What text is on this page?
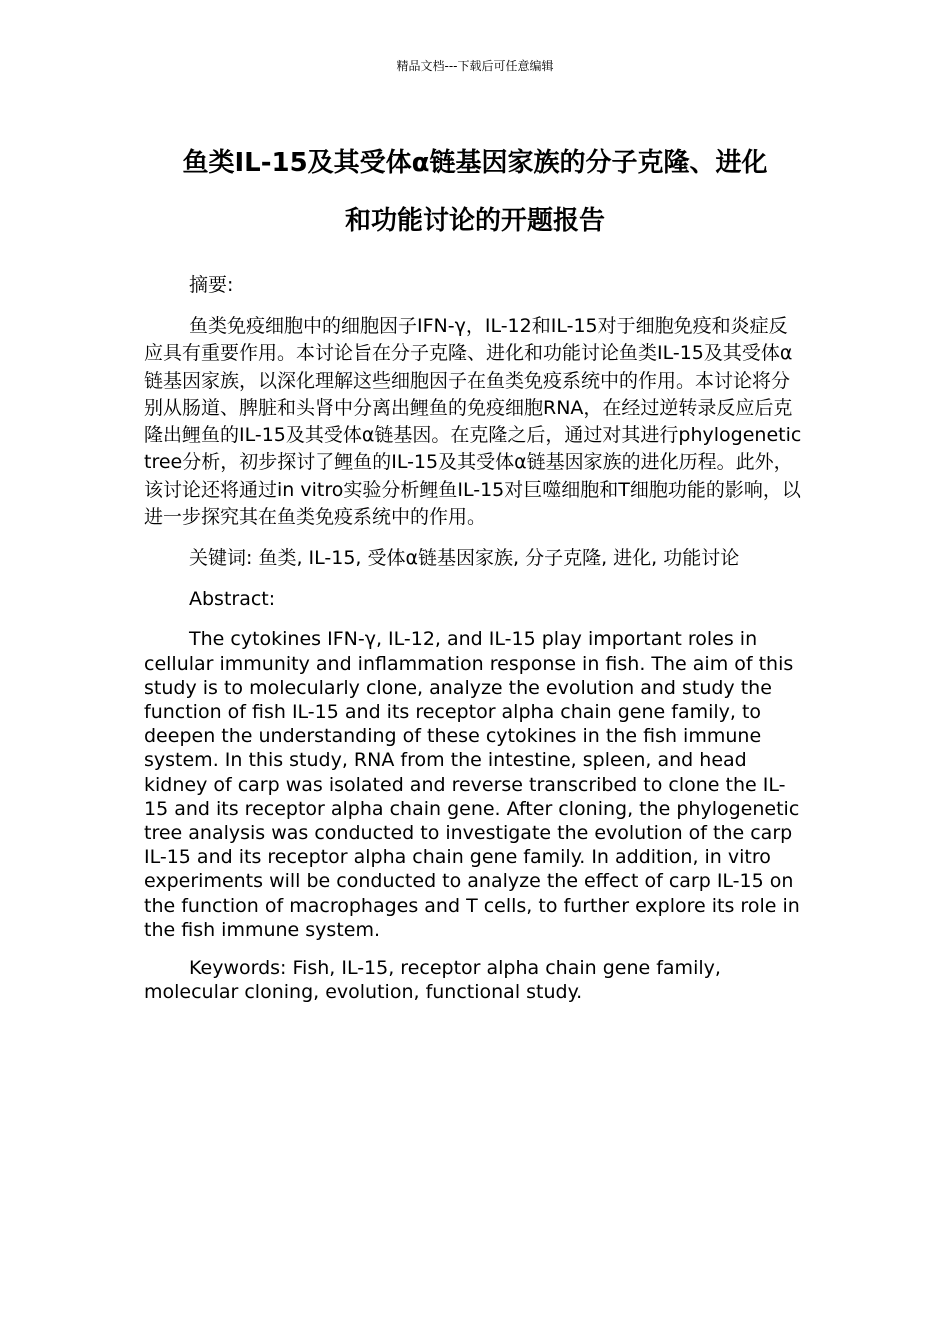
精品文档---下载后可任意编辑
鱼类IL-15及其受体α链基因家族的分子克隆、进化
和功能讨论的开题报告

摘要:

鱼类免疫细胞中的细胞因子IFN-γ，IL-12和IL-15对于细胞免疫和炎症反应具有重要作用。本讨论旨在分子克隆、进化和功能讨论鱼类IL-15及其受体α链基因家族，以深化理解这些细胞因子在鱼类免疫系统中的作用。本讨论将分别从肠道、脾脏和头肾中分离出鲤鱼的免疫细胞RNA，在经过逆转录反应后克隆出鲤鱼的IL-15及其受体α链基因。在克隆之后，通过对其进行phylogenetic tree分析，初步探讨了鲤鱼的IL-15及其受体α链基因家族的进化历程。此外，该讨论还将通过in vitro实验分析鲤鱼IL-15对巨噬细胞和T细胞功能的影响，以进一步探究其在鱼类免疫系统中的作用。

关键词: 鱼类, IL-15, 受体α链基因家族, 分子克隆, 进化, 功能讨论

Abstract:

The cytokines IFN-γ, IL-12, and IL-15 play important roles in cellular immunity and inflammation response in fish. The aim of this study is to molecularly clone, analyze the evolution and study the function of fish IL-15 and its receptor alpha chain gene family, to deepen the understanding of these cytokines in the fish immune system. In this study, RNA from the intestine, spleen, and head kidney of carp was isolated and reverse transcribed to clone the IL-15 and its receptor alpha chain gene. After cloning, the phylogenetic tree analysis was conducted to investigate the evolution of the carp IL-15 and its receptor alpha chain gene family. In addition, in vitro experiments will be conducted to analyze the effect of carp IL-15 on the function of macrophages and T cells, to further explore its role in the fish immune system.

Keywords: Fish, IL-15, receptor alpha chain gene family, molecular cloning, evolution, functional study.
